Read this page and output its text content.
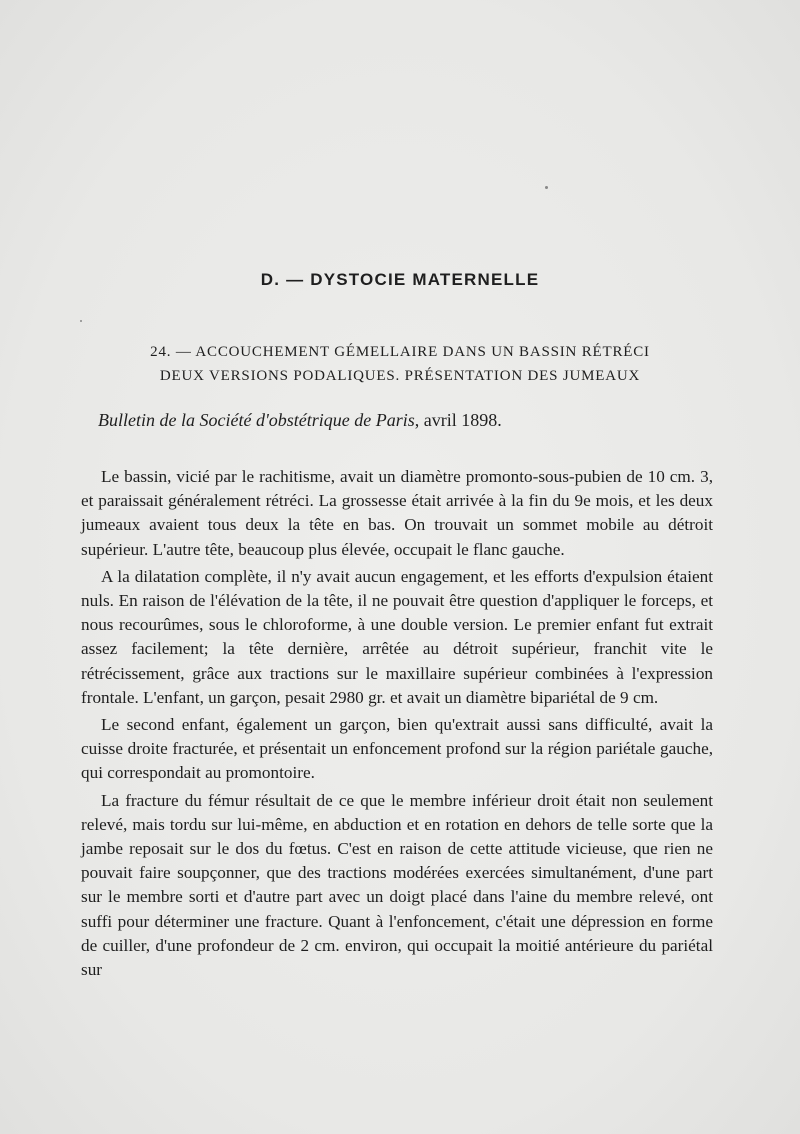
D. — DYSTOCIE MATERNELLE
24. — ACCOUCHEMENT GÉMELLAIRE DANS UN BASSIN RÉTRÉCI
DEUX VERSIONS PODALIQUES. PRÉSENTATION DES JUMEAUX

Bulletin de la Société d'obstétrique de Paris, avril 1898.

Le bassin, vicié par le rachitisme, avait un diamètre promonto-sous-pubien de 10 cm. 3, et paraissait généralement rétréci. La grossesse était arrivée à la fin du 9e mois, et les deux jumeaux avaient tous deux la tête en bas. On trouvait un sommet mobile au détroit supérieur. L'autre tête, beaucoup plus élevée, occupait le flanc gauche.

A la dilatation complète, il n'y avait aucun engagement, et les efforts d'expulsion étaient nuls. En raison de l'élévation de la tête, il ne pouvait être question d'appliquer le forceps, et nous recourûmes, sous le chloroforme, à une double version. Le premier enfant fut extrait assez facilement; la tête dernière, arrêtée au détroit supérieur, franchit vite le rétrécissement, grâce aux tractions sur le maxillaire supérieur combinées à l'expression frontale. L'enfant, un garçon, pesait 2980 gr. et avait un diamètre bipariétal de 9 cm.

Le second enfant, également un garçon, bien qu'extrait aussi sans difficulté, avait la cuisse droite fracturée, et présentait un enfoncement profond sur la région pariétale gauche, qui correspondait au promontoire.

La fracture du fémur résultait de ce que le membre inférieur droit était non seulement relevé, mais tordu sur lui-même, en abduction et en rotation en dehors de telle sorte que la jambe reposait sur le dos du fœtus. C'est en raison de cette attitude vicieuse, que rien ne pouvait faire soupçonner, que des tractions modérées exercées simultanément, d'une part sur le membre sorti et d'autre part avec un doigt placé dans l'aine du membre relevé, ont suffi pour déterminer une fracture. Quant à l'enfoncement, c'était une dépression en forme de cuiller, d'une profondeur de 2 cm. environ, qui occupait la moitié antérieure du pariétal sur
